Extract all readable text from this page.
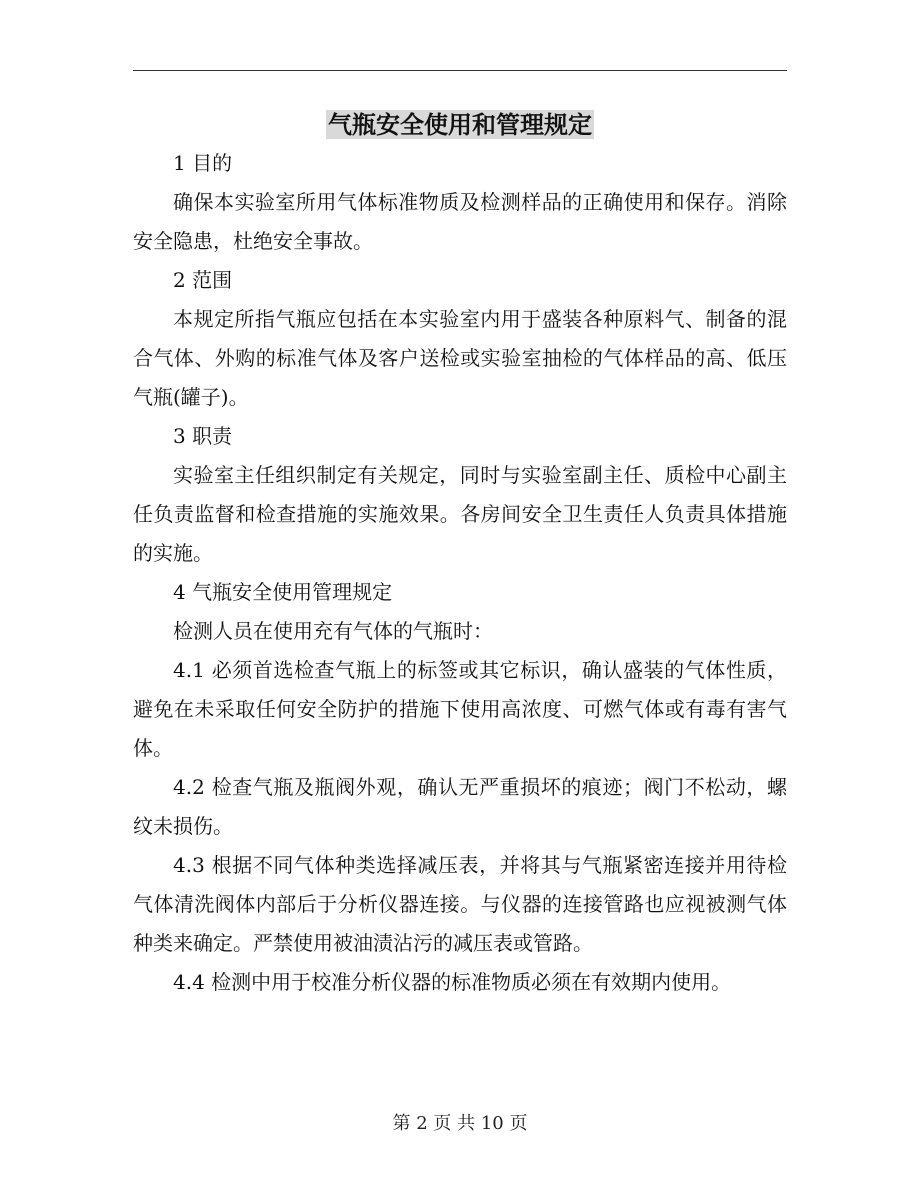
气瓶安全使用和管理规定

1 目的

确保本实验室所用气体标准物质及检测样品的正确使用和保存。消除安全隐患，杜绝安全事故。

2 范围

本规定所指气瓶应包括在本实验室内用于盛装各种原料气、制备的混合气体、外购的标准气体及客户送检或实验室抽检的气体样品的高、低压气瓶(罐子)。

3 职责

实验室主任组织制定有关规定，同时与实验室副主任、质检中心副主任负责监督和检查措施的实施效果。各房间安全卫生责任人负责具体措施的实施。

4 气瓶安全使用管理规定

检测人员在使用充有气体的气瓶时：

4.1 必须首选检查气瓶上的标签或其它标识，确认盛装的气体性质，避免在未采取任何安全防护的措施下使用高浓度、可燃气体或有毒有害气体。

4.2 检查气瓶及瓶阀外观，确认无严重损坏的痕迹；阀门不松动，螺纹未损伤。

4.3 根据不同气体种类选择减压表，并将其与气瓶紧密连接并用待检气体清洗阀体内部后于分析仪器连接。与仪器的连接管路也应视被测气体种类来确定。严禁使用被油渍沾污的减压表或管路。

4.4 检测中用于校准分析仪器的标准物质必须在有效期内使用。

第 2 页 共 10 页
